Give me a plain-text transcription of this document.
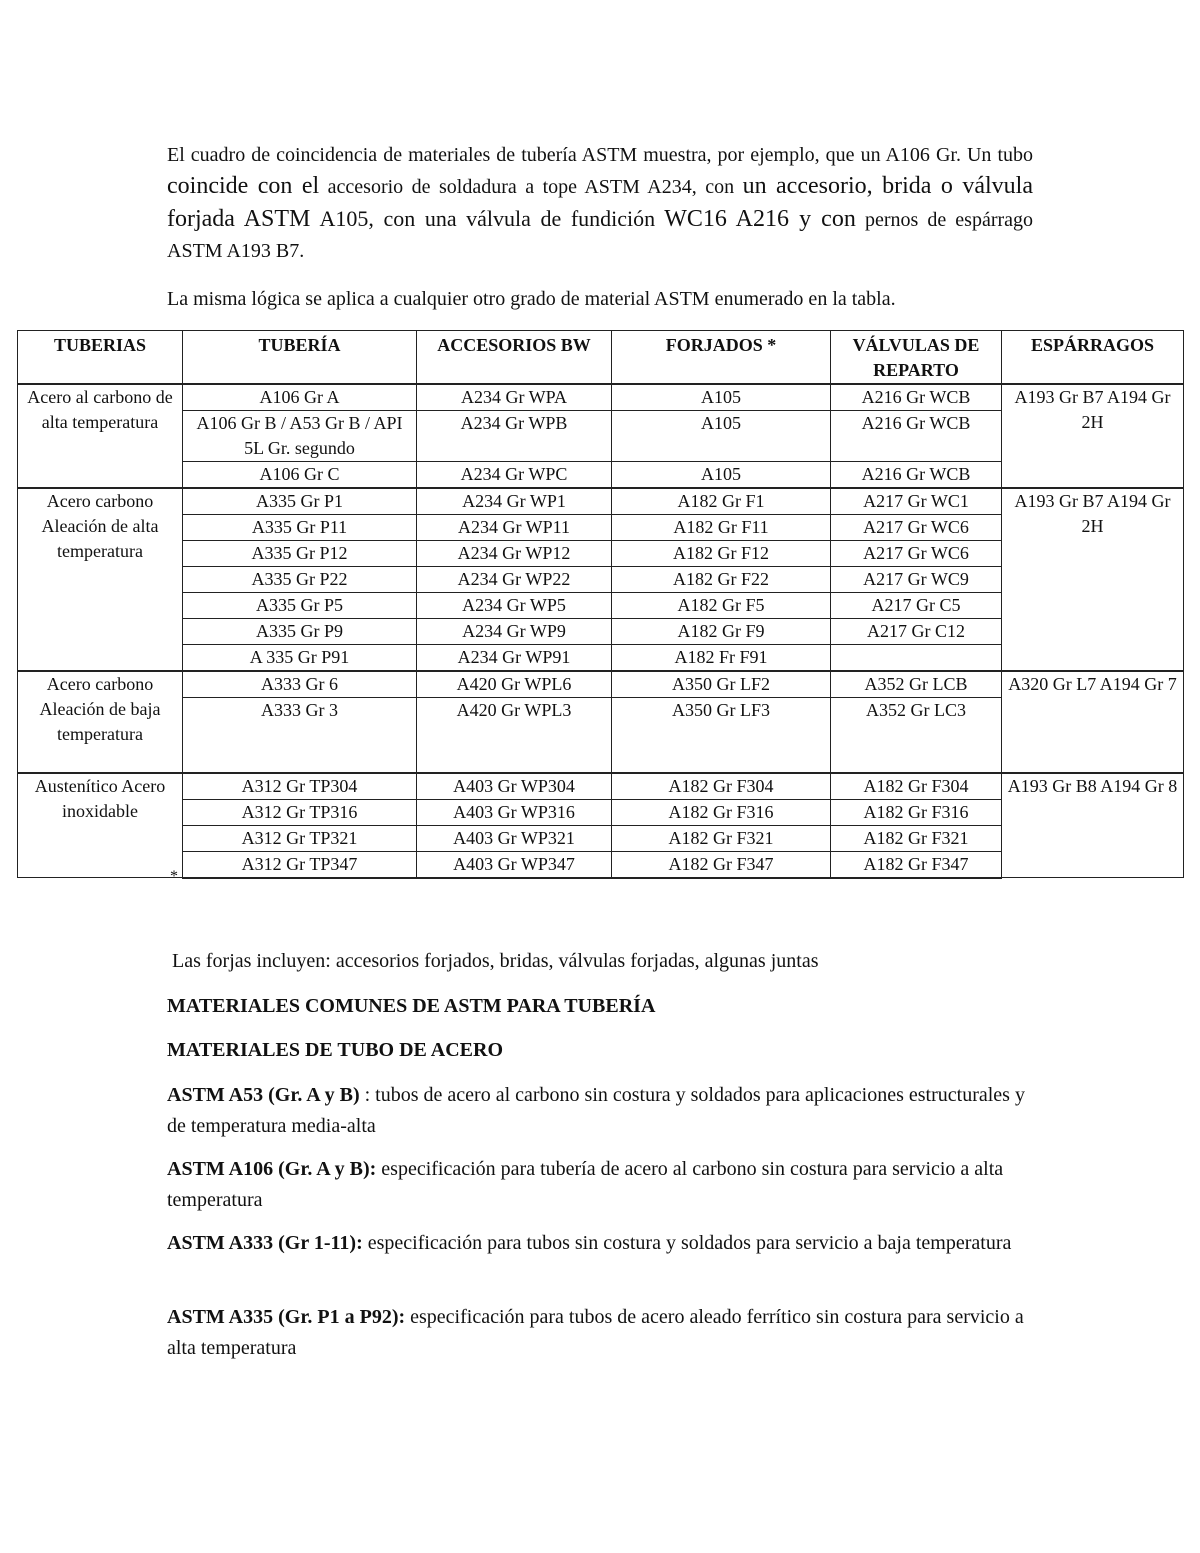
El cuadro de coincidencia de materiales de tubería ASTM muestra, por ejemplo, que un A106 Gr. Un tubo coincide con el accesorio de soldadura a tope ASTM A234, con un accesorio, brida o válvula forjada ASTM A105, con una válvula de fundición WC16 A216 y con pernos de espárrago ASTM A193 B7.

La misma lógica se aplica a cualquier otro grado de material ASTM enumerado en la tabla.

TUBERIAS	TUBERÍA	ACCESORIOS BW	FORJADOS *	VÁLVULAS DE REPARTO	ESPÁRRAGOS
Acero al carbono de alta temperatura	A106 Gr A	A234 Gr WPA	A105	A216 Gr WCB	A193 Gr B7 A194 Gr 2H
	A106 Gr B / A53 Gr B / API 5L Gr. segundo	A234 Gr WPB	A105	A216 Gr WCB	
	A106 Gr C	A234 Gr WPC	A105	A216 Gr WCB	
Acero carbono Aleación de alta temperatura	A335 Gr P1	A234 Gr WP1	A182 Gr F1	A217 Gr WC1	A193 Gr B7 A194 Gr 2H
	A335 Gr P11	A234 Gr WP11	A182 Gr F11	A217 Gr WC6	
	A335 Gr P12	A234 Gr WP12	A182 Gr F12	A217 Gr WC6	
	A335 Gr P22	A234 Gr WP22	A182 Gr F22	A217 Gr WC9	
	A335 Gr P5	A234 Gr WP5	A182 Gr F5	A217 Gr C5	
	A335 Gr P9	A234 Gr WP9	A182 Gr F9	A217 Gr C12	
	A 335 Gr P91	A234 Gr WP91	A182 Fr F91		
Acero carbono Aleación de baja temperatura	A333 Gr 6	A420 Gr WPL6	A350 Gr LF2	A352 Gr LCB	A320 Gr L7 A194 Gr 7
	A333 Gr 3	A420 Gr WPL3	A350 Gr LF3	A352 Gr LC3	
Austenítico Acero inoxidable	A312 Gr TP304	A403 Gr WP304	A182 Gr F304	A182 Gr F304	A193 Gr B8 A194 Gr 8
	A312 Gr TP316	A403 Gr WP316	A182 Gr F316	A182 Gr F316	
	A312 Gr TP321	A403 Gr WP321	A182 Gr F321	A182 Gr F321	
	A312 Gr TP347	A403 Gr WP347	A182 Gr F347	A182 Gr F347	
*

Las forjas incluyen: accesorios forjados, bridas, válvulas forjadas, algunas juntas

MATERIALES COMUNES DE ASTM PARA TUBERÍA

MATERIALES DE TUBO DE ACERO

ASTM A53 (Gr. A y B) : tubos de acero al carbono sin costura y soldados para aplicaciones estructurales y de temperatura media-alta

ASTM A106 (Gr. A y B): especificación para tubería de acero al carbono sin costura para servicio a alta temperatura

ASTM A333 (Gr 1-11): especificación para tubos sin costura y soldados para servicio a baja temperatura

ASTM A335 (Gr. P1 a P92): especificación para tubos de acero aleado ferrítico sin costura para servicio a alta temperatura
